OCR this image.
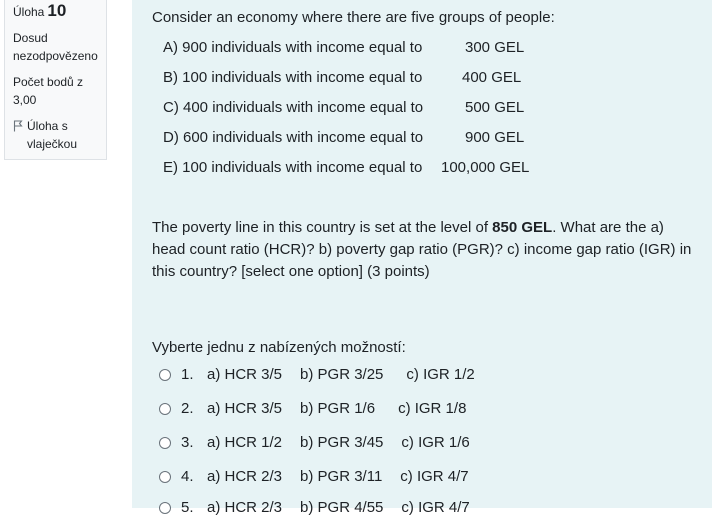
Úloha 10
Dosud nezodpovězeno
Počet bodů z 3,00
Úloha s vlaječkou
Consider an economy where there are five groups of people:
A) 900 individuals with income equal to	300 GEL
B) 100 individuals with income equal to	400 GEL
C) 400 individuals with income equal to	500 GEL
D) 600 individuals with income equal to	900 GEL
E) 100 individuals with income equal to 100,000 GEL
The poverty line in this country is set at the level of 850 GEL. What are the a) head count ratio (HCR)? b) poverty gap ratio (PGR)? c) income gap ratio (IGR) in this country? [select one option] (3 points)
Vyberte jednu z nabízených možností:
1. a) HCR 3/5 b) PGR 3/25 c) IGR 1/2
2. a) HCR 3/5 b) PGR 1/6 c) IGR 1/8
3. a) HCR 1/2 b) PGR 3/45 c) IGR 1/6
4. a) HCR 2/3 b) PGR 3/11 c) IGR 4/7
5. a) HCR 2/3 b) PGR 4/55 c) IGR 4/7
